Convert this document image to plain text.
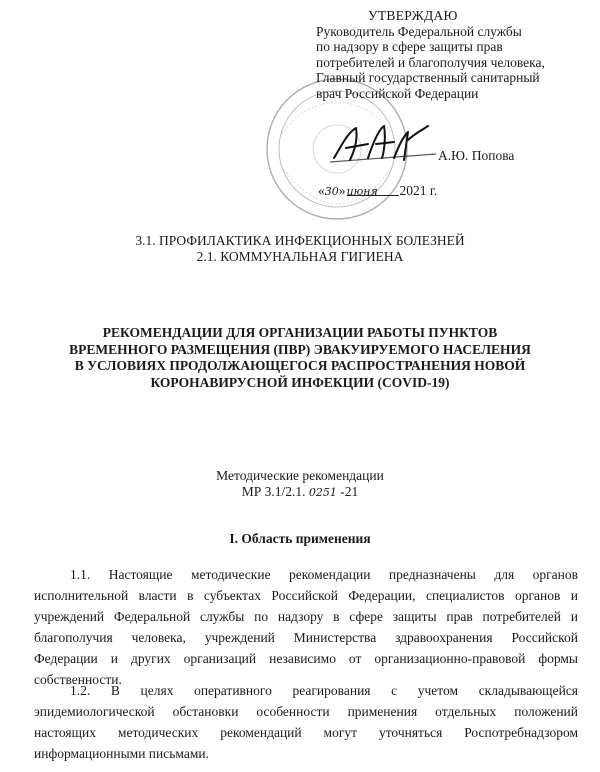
УТВЕРЖДАЮ
Руководитель Федеральной службы
по надзору в сфере защиты прав
потребителей и благополучия человека,
Главный государственный санитарный
врач Российской Федерации
А.Ю. Попова
«30»июня 2021 г.
3.1. ПРОФИЛАКТИКА ИНФЕКЦИОННЫХ БОЛЕЗНЕЙ
2.1. КОММУНАЛЬНАЯ ГИГИЕНА
РЕКОМЕНДАЦИИ ДЛЯ ОРГАНИЗАЦИИ РАБОТЫ ПУНКТОВ
ВРЕМЕННОГО РАЗМЕЩЕНИЯ (ПВР) ЭВАКУИРУЕМОГО НАСЕЛЕНИЯ
В УСЛОВИЯХ ПРОДОЛЖАЮЩЕГОСЯ РАСПРОСТРАНЕНИЯ НОВОЙ
КОРОНАВИРУСНОЙ ИНФЕКЦИИ (COVID-19)
Методические рекомендации
МР 3.1/2.1. 0251 -21
I. Область применения
1.1. Настоящие методические рекомендации предназначены для органов
исполнительной власти в субъектах Российской Федерации, специалистов органов и
учреждений Федеральной службы по надзору в сфере защиты прав потребителей и
благополучия человека, учреждений Министерства здравоохранения Российской
Федерации и других организаций независимо от организационно-правовой формы
собственности.
1.2. В целях оперативного реагирования с учетом складывающейся
эпидемиологической обстановки особенности применения отдельных положений
настоящих методических рекомендаций могут уточняться Роспотребнадзором
информационными письмами.
